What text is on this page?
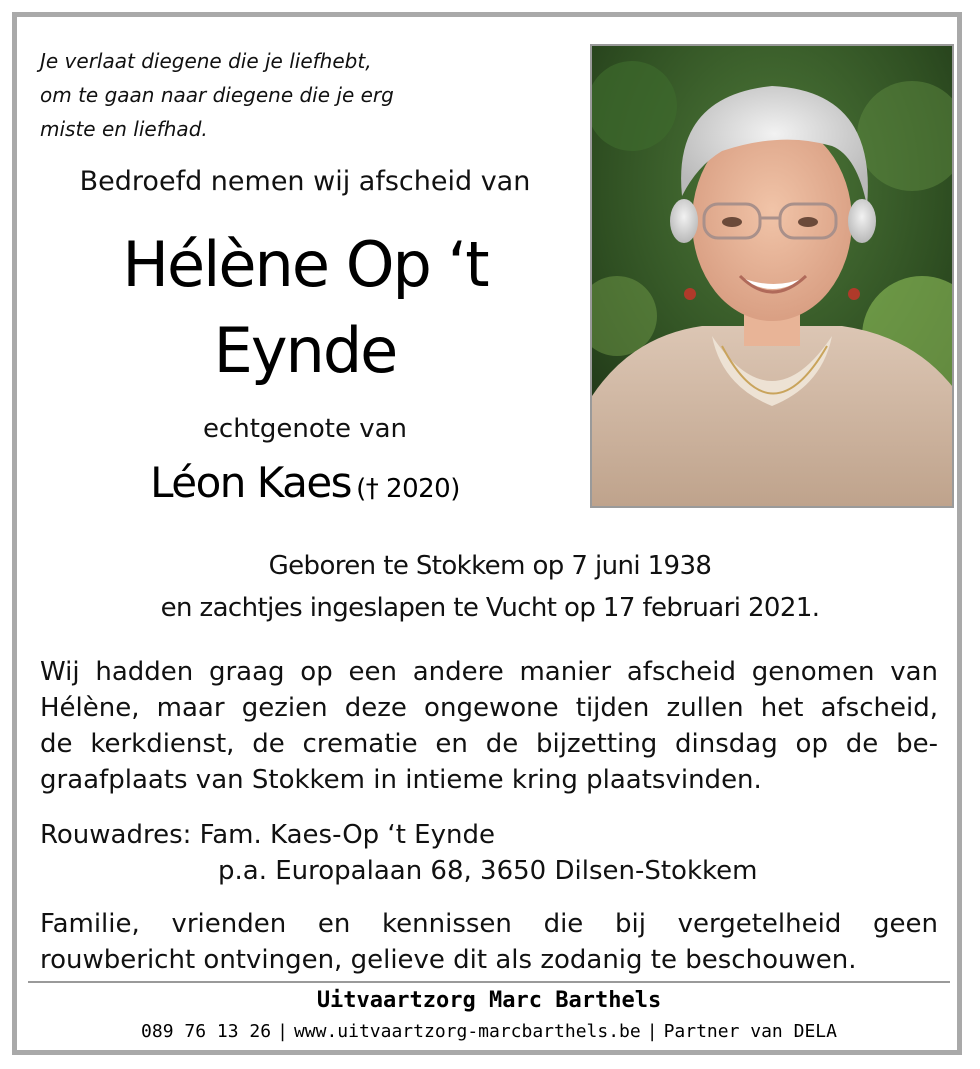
Je verlaat diegene die je liefhebt,
om te gaan naar diegene die je erg
miste en liefhad.
Bedroefd nemen wij afscheid van
Hélène Op ‘t
Eynde
echtgenote van
Léon Kaes († 2020)
Geboren te Stokkem op 7 juni 1938
en zachtjes ingeslapen te Vucht op 17 februari 2021.
Wij hadden graag op een andere manier afscheid genomen van
Hélène, maar gezien deze ongewone tijden zullen het afscheid,
de kerkdienst, de crematie en de bijzetting dinsdag op de be-
graafplaats van Stokkem in intieme kring plaatsvinden.
Rouwadres: Fam. Kaes-Op ‘t Eynde
p.a. Europalaan 68, 3650 Dilsen-Stokkem
Familie, vrienden en kennissen die bij vergetelheid geen
rouwbericht ontvingen, gelieve dit als zodanig te beschouwen.
Uitvaartzorg Marc Barthels
089 76 13 26 | www.uitvaartzorg-marcbarthels.be | Partner van DELA
